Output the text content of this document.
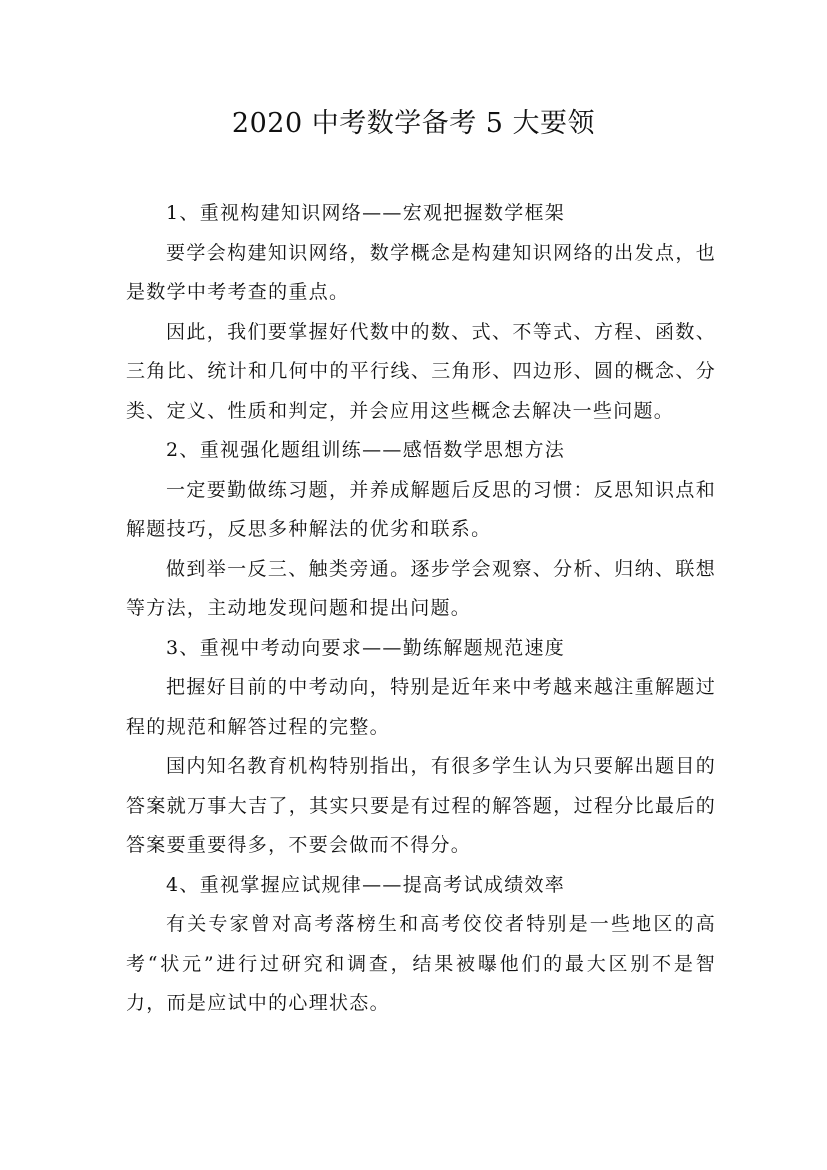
2020 中考数学备考 5 大要领

1、重视构建知识网络——宏观把握数学框架

要学会构建知识网络，数学概念是构建知识网络的出发点，也是数学中考考查的重点。

因此，我们要掌握好代数中的数、式、不等式、方程、函数、三角比、统计和几何中的平行线、三角形、四边形、圆的概念、分类、定义、性质和判定，并会应用这些概念去解决一些问题。

2、重视强化题组训练——感悟数学思想方法

一定要勤做练习题，并养成解题后反思的习惯：反思知识点和解题技巧，反思多种解法的优劣和联系。

做到举一反三、触类旁通。逐步学会观察、分析、归纳、联想等方法，主动地发现问题和提出问题。

3、重视中考动向要求——勤练解题规范速度

把握好目前的中考动向，特别是近年来中考越来越注重解题过程的规范和解答过程的完整。

国内知名教育机构特别指出，有很多学生认为只要解出题目的答案就万事大吉了，其实只要是有过程的解答题，过程分比最后的答案要重要得多，不要会做而不得分。

4、重视掌握应试规律——提高考试成绩效率

有关专家曾对高考落榜生和高考佼佼者特别是一些地区的高考“状元”进行过研究和调查，结果被曝他们的最大区别不是智力，而是应试中的心理状态。
